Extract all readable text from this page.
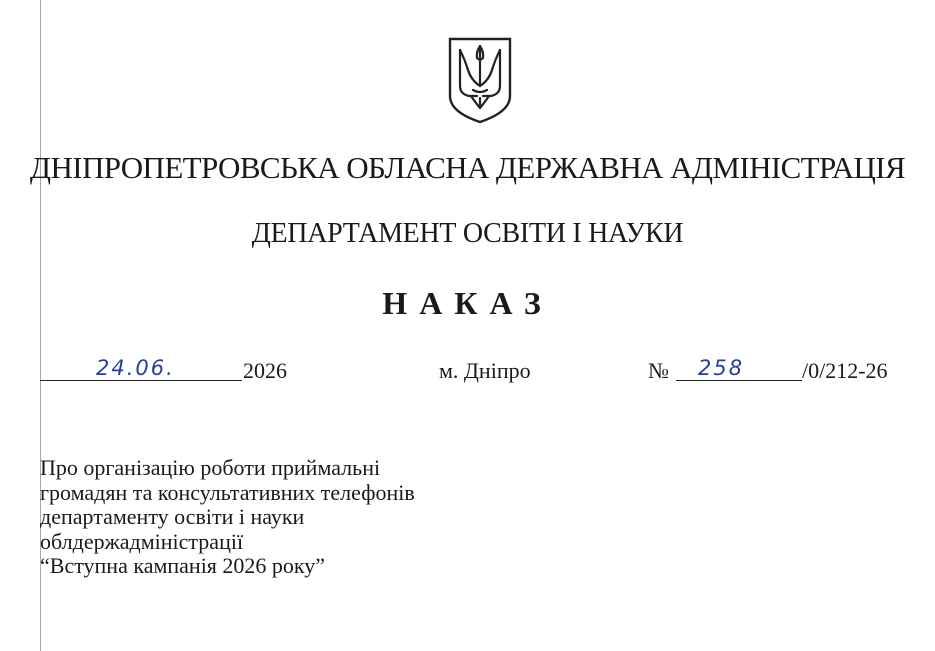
ДНІПРОПЕТРОВСЬКА ОБЛАСНА ДЕРЖАВНА АДМІНІСТРАЦІЯ
ДЕПАРТАМЕНТ ОСВІТИ І НАУКИ
НАКАЗ
24.06.	2026	м. Дніпро	№ 258	/0/212-26
Про організацію роботи приймальні
громадян та консультативних телефонів
департаменту освіти і науки
облдержадміністрації
“Вступна кампанія 2026 року”
